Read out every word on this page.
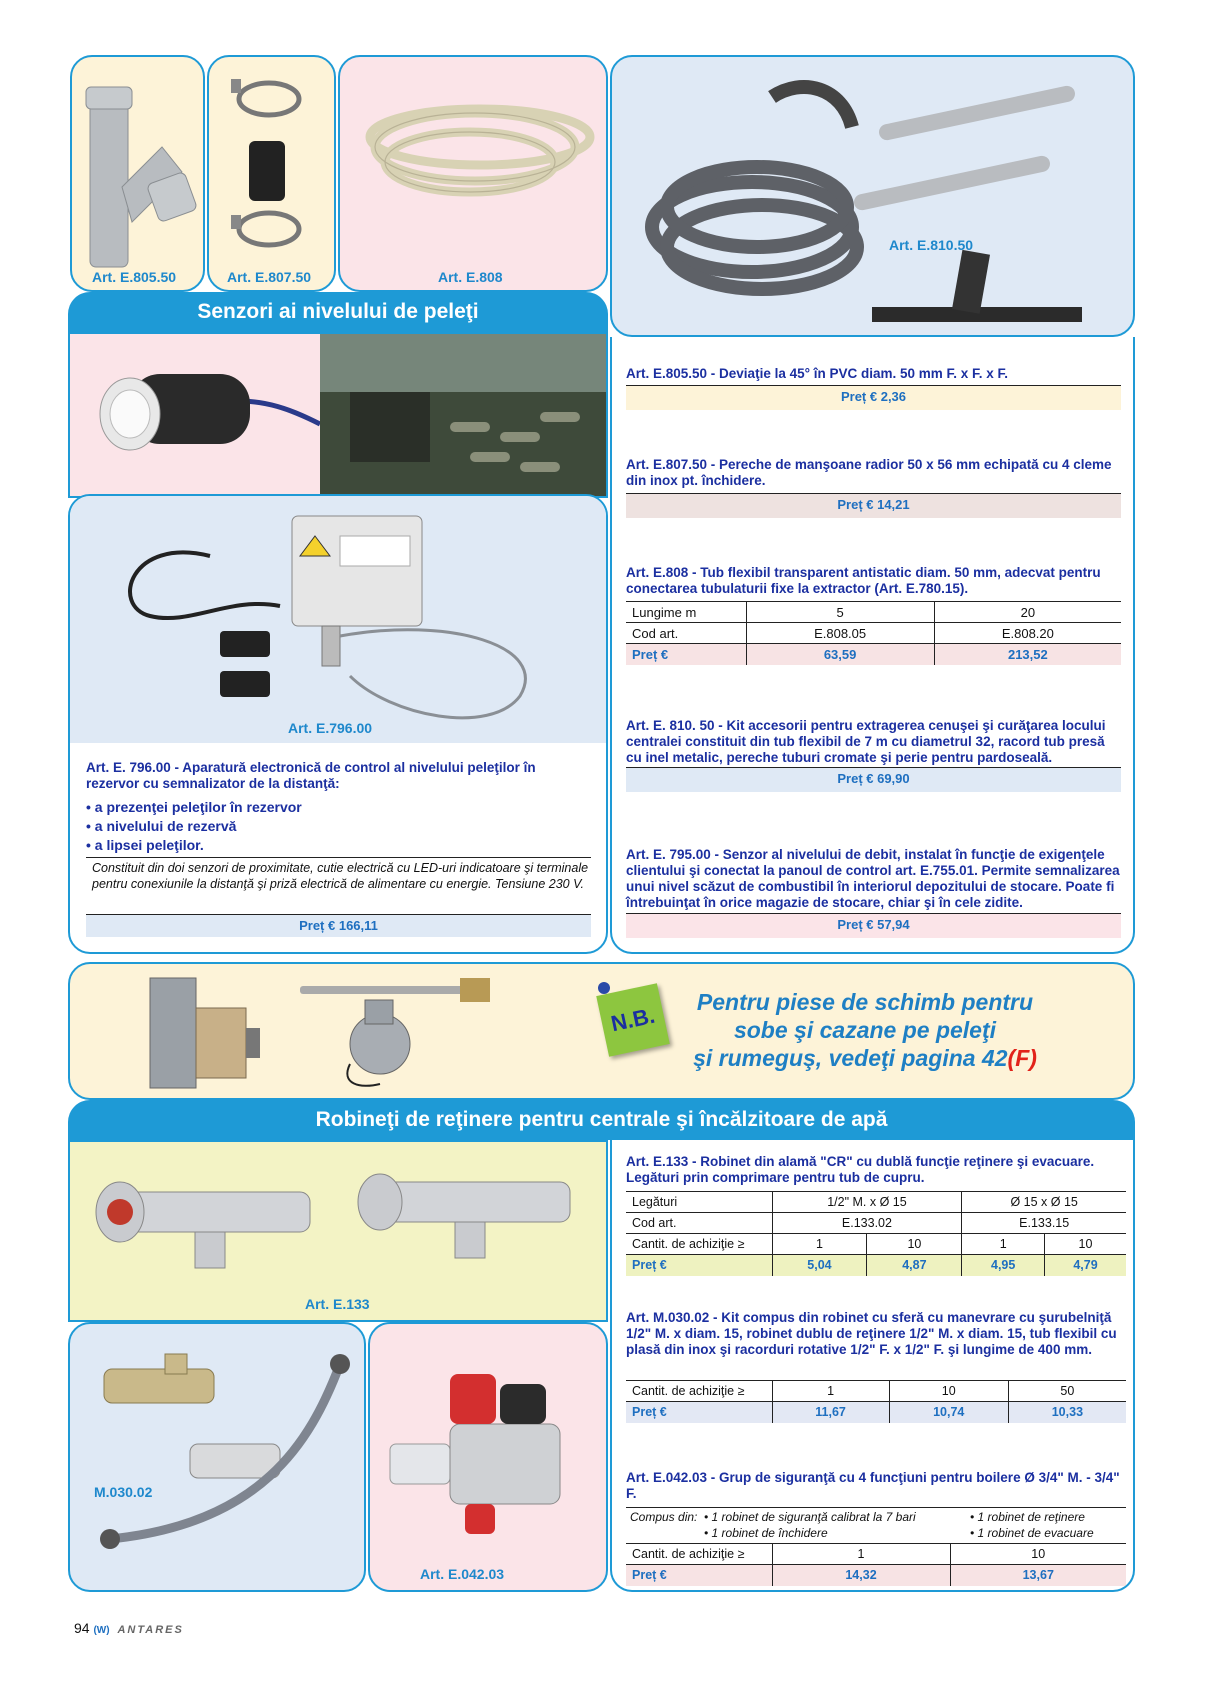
Art. E.805.50	Art. E.807.50	Art. E.808
Art. E.810.50
Senzori ai nivelului de peleţi
Art. E.796.00
Art. E. 796.00 - Aparatură electronică de control al nivelului peleţilor în rezervor cu semnalizator de la distanţă:
• a prezenţei peleţilor în rezervor
• a nivelului de rezervă
• a lipsei peleţilor.
Constituit din doi senzori de proximitate, cutie electrică cu LED-uri indicatoare şi terminale pentru conexiunile la distanţă şi priză electrică de alimentare cu energie. Tensiune 230 V.
Preț € 166,11
Art. E.805.50 - Deviaţie la 45° în PVC diam. 50 mm F. x F. x F.
Preț € 2,36
Art. E.807.50 - Pereche de manşoane radior 50 x 56 mm echipată cu 4 cleme din inox pt. închidere.
Preț € 14,21
Art. E.808 - Tub flexibil transparent antistatic diam. 50 mm, adecvat pentru conectarea tubulaturii fixe la extractor (Art. E.780.15).
Lungime m	5	20
Cod art.	E.808.05	E.808.20
Preț €	63,59	213,52
Art. E. 810. 50 - Kit accesorii pentru extragerea cenuşei şi curăţarea locului centralei constituit din tub flexibil de 7 m cu diametrul 32, racord tub presă cu inel metalic, pereche tuburi cromate şi perie pentru pardoseală.
Preț € 69,90
Art. E. 795.00 - Senzor al nivelului de debit, instalat în funcţie de exigenţele clientului şi conectat la panoul de control art. E.755.01. Permite semnalizarea unui nivel scăzut de combustibil în interiorul depozitului de stocare. Poate fi întrebuinţat în orice magazie de stocare, chiar şi în cele zidite.
Preț € 57,94
N.B.
Pentru piese de schimb pentru
sobe şi cazane pe peleţi
şi rumeguş, vedeţi pagina 42(F)
Robineţi de reţinere pentru centrale şi încălzitoare de apă
Art. E.133
M.030.02
Art. E.042.03
Art. E.133 - Robinet din alamă "CR" cu dublă funcţie reţinere şi evacuare. Legături prin comprimare pentru tub de cupru.
Legături	1/2" M. x Ø 15		Ø 15 x Ø 15	
Cod art.	E.133.02		E.133.15	
Cantit. de achiziţie ≥	1	10	1	10
Preț €	5,04	4,87	4,95	4,79
Art. M.030.02 - Kit compus din robinet cu sferă cu manevrare cu şurubelniţă 1/2" M. x diam. 15, robinet dublu de reţinere 1/2" M. x diam. 15, tub flexibil cu plasă din inox şi racorduri rotative 1/2" F. x 1/2" F. şi lungime de 400 mm.
Cantit. de achiziţie ≥	1	10	50
Preț €	11,67	10,74	10,33
Art. E.042.03 - Grup de siguranţă cu 4 funcţiuni pentru boilere Ø 3/4" M. - 3/4" F.
Compus din: • 1 robinet de siguranţă calibrat la 7 bari	• 1 robinet de reţinere
• 1 robinet de închidere	• 1 robinet de evacuare
Cantit. de achiziţie ≥	1	10
Preț €	14,32	13,67
94 (W) ANTARES
